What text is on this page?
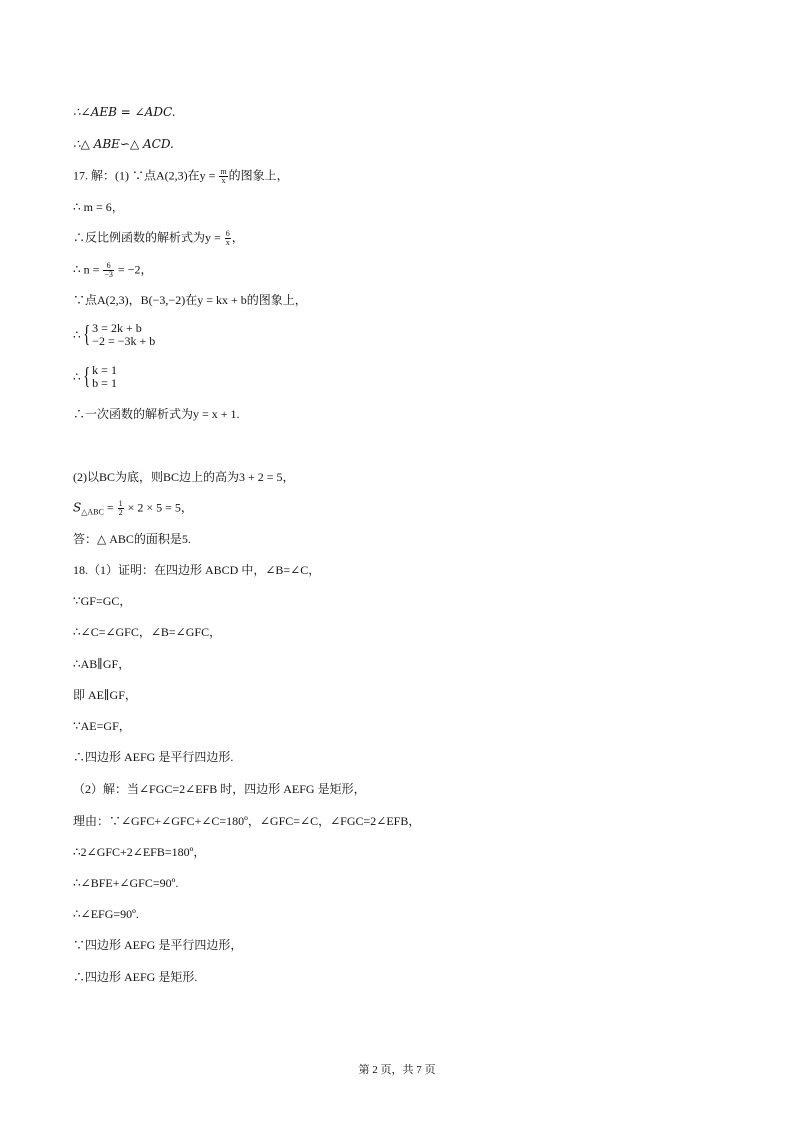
∴∠AEB = ∠ADC.
∴△ ABE∽△ ACD.
17. 解：(1) ∵点A(2,3)在$y = \frac{m}{x}$ 的图象上，
∴ m = 6，
∴反比例函数的解析式为$y = \frac{6}{x}$ ，
∴ $n = \frac{6}{-3} = -2$，
∵点A(2,3)，B(−3,−2)在y = kx + b的图象上，
∴{ 3 = 2k + b
−2 = −3k + b
∴{ k = 1
b = 1
∴一次函数的解析式为y = x + 1.
(2)以BC为底，则BC边上的高为3 + 2 = 5，
$S_{\triangle ABC} = \frac{1}{2} \times 2 \times 5 = 5$，
答：△ ABC的面积是5.
18.（1）证明：在四边形 ABCD 中，∠B=∠C，
∵GF=GC，
∴∠C=∠GFC，∠B=∠GFC，
∴AB∥GF，
即 AE∥GF，
∵AE=GF，
∴四边形 AEFG 是平行四边形.
（2）解：当∠FGC=2∠EFB 时，四边形 AEFG 是矩形，
理由：∵∠GFC+∠GFC+∠C=180º，∠GFC=∠C，∠FGC=2∠EFB，
∴2∠GFC+2∠EFB=180º，
∴∠BFE+∠GFC=90º.
∴∠EFG=90º.
∵四边形 AEFG 是平行四边形，
∴四边形 AEFG 是矩形.
第 2 页，共 7 页
